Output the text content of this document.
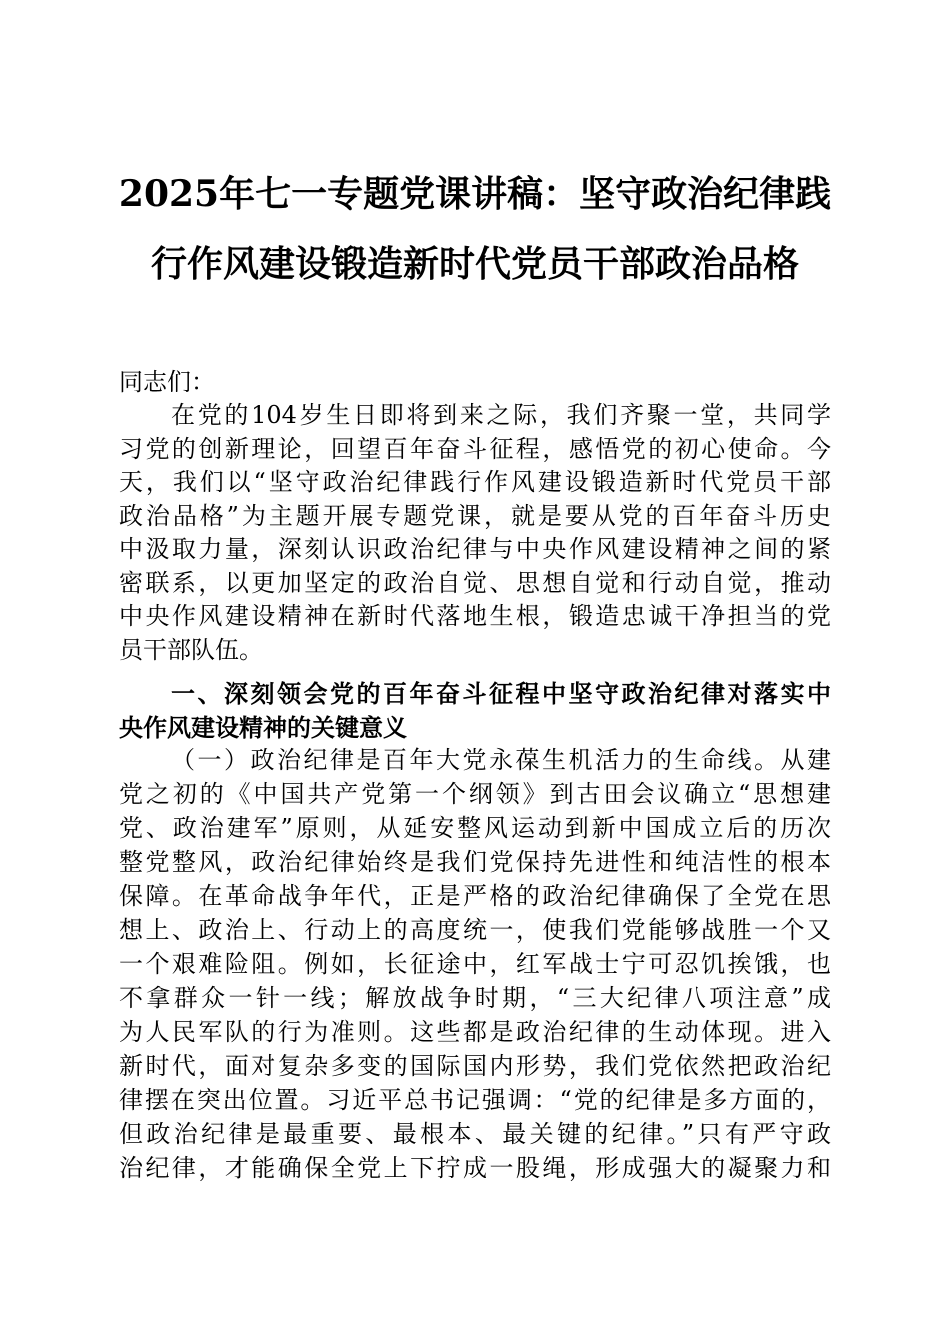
2025年七一专题党课讲稿：坚守政治纪律践
行作风建设锻造新时代党员干部政治品格
同志们：
在党的104岁生日即将到来之际，我们齐聚一堂，共同学
习党的创新理论，回望百年奋斗征程，感悟党的初心使命。今
天，我们以“坚守政治纪律践行作风建设锻造新时代党员干部
政治品格”为主题开展专题党课，就是要从党的百年奋斗历史
中汲取力量，深刻认识政治纪律与中央作风建设精神之间的紧
密联系，以更加坚定的政治自觉、思想自觉和行动自觉，推动
中央作风建设精神在新时代落地生根，锻造忠诚干净担当的党
员干部队伍。
一、深刻领会党的百年奋斗征程中坚守政治纪律对落实中
央作风建设精神的关键意义
（一）政治纪律是百年大党永葆生机活力的生命线。从建
党之初的《中国共产党第一个纲领》到古田会议确立“思想建
党、政治建军”原则，从延安整风运动到新中国成立后的历次
整党整风，政治纪律始终是我们党保持先进性和纯洁性的根本
保障。在革命战争年代，正是严格的政治纪律确保了全党在思
想上、政治上、行动上的高度统一，使我们党能够战胜一个又
一个艰难险阻。例如，长征途中，红军战士宁可忍饥挨饿，也
不拿群众一针一线；解放战争时期，“三大纪律八项注意”成
为人民军队的行为准则。这些都是政治纪律的生动体现。进入
新时代，面对复杂多变的国际国内形势，我们党依然把政治纪
律摆在突出位置。习近平总书记强调：“党的纪律是多方面的，
但政治纪律是最重要、最根本、最关键的纪律。”只有严守政
治纪律，才能确保全党上下拧成一股绳，形成强大的凝聚力和
